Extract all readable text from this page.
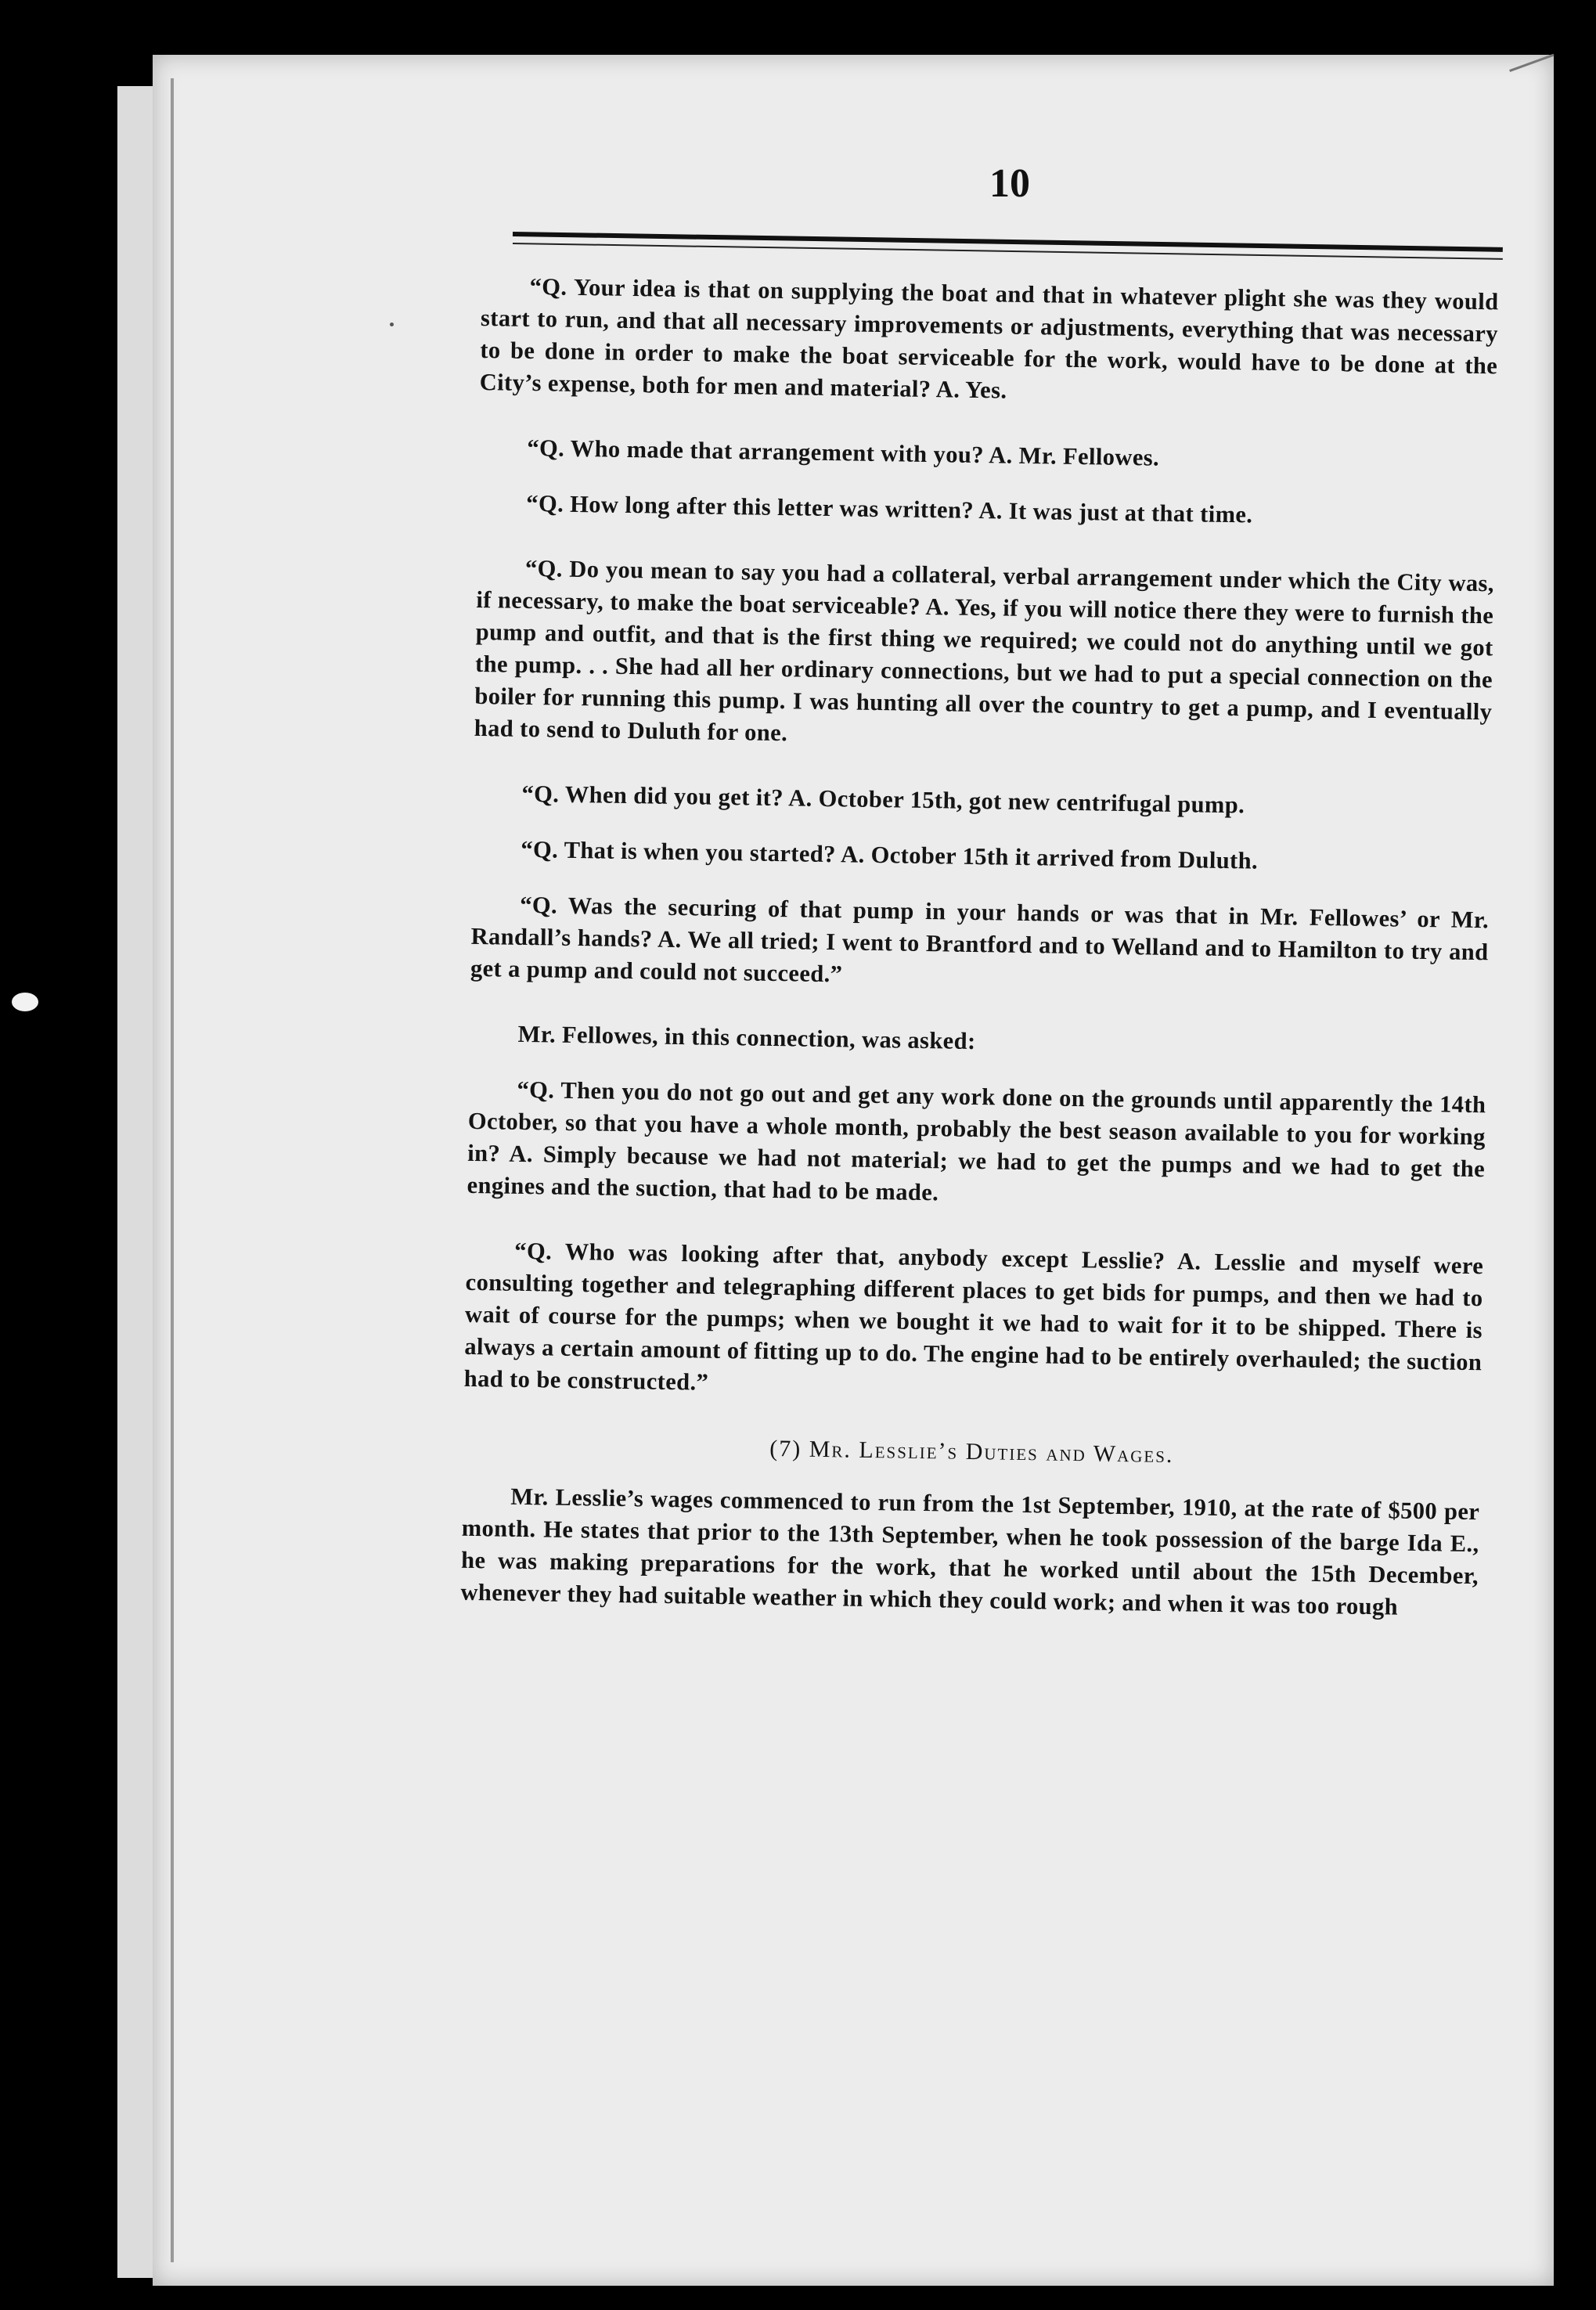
10

“Q. Your idea is that on supplying the boat and that in whatever plight she was they would start to run, and that all necessary improvements or adjustments, everything that was necessary to be done in order to make the boat serviceable for the work, would have to be done at the City’s expense, both for men and material? A. Yes.

“Q. Who made that arrangement with you? A. Mr. Fellowes.

“Q. How long after this letter was written? A. It was just at that time.

“Q. Do you mean to say you had a collateral, verbal arrangement under which the City was, if necessary, to make the boat serviceable? A. Yes, if you will notice there they were to furnish the pump and outfit, and that is the first thing we required; we could not do anything until we got the pump. . . She had all her ordinary connections, but we had to put a special connection on the boiler for running this pump. I was hunting all over the country to get a pump, and I eventually had to send to Duluth for one.

“Q. When did you get it? A. October 15th, got new centrifugal pump.

“Q. That is when you started? A. October 15th it arrived from Duluth.

“Q. Was the securing of that pump in your hands or was that in Mr. Fellowes’ or Mr. Randall’s hands? A. We all tried; I went to Brantford and to Welland and to Hamilton to try and get a pump and could not succeed.”

Mr. Fellowes, in this connection, was asked:

“Q. Then you do not go out and get any work done on the grounds until apparently the 14th October, so that you have a whole month, probably the best season available to you for working in? A. Simply because we had not material; we had to get the pumps and we had to get the engines and the suction, that had to be made.

“Q. Who was looking after that, anybody except Lesslie? A. Lesslie and myself were consulting together and telegraphing different places to get bids for pumps, and then we had to wait of course for the pumps; when we bought it we had to wait for it to be shipped. There is always a certain amount of fitting up to do. The engine had to be entirely overhauled; the suction had to be constructed.”

(7) Mr. Lesslie’s Duties and Wages.

Mr. Lesslie’s wages commenced to run from the 1st September, 1910, at the rate of $500 per month. He states that prior to the 13th September, when he took possession of the barge Ida E., he was making preparations for the work, that he worked until about the 15th December, whenever they had suitable weather in which they could work; and when it was too rough
